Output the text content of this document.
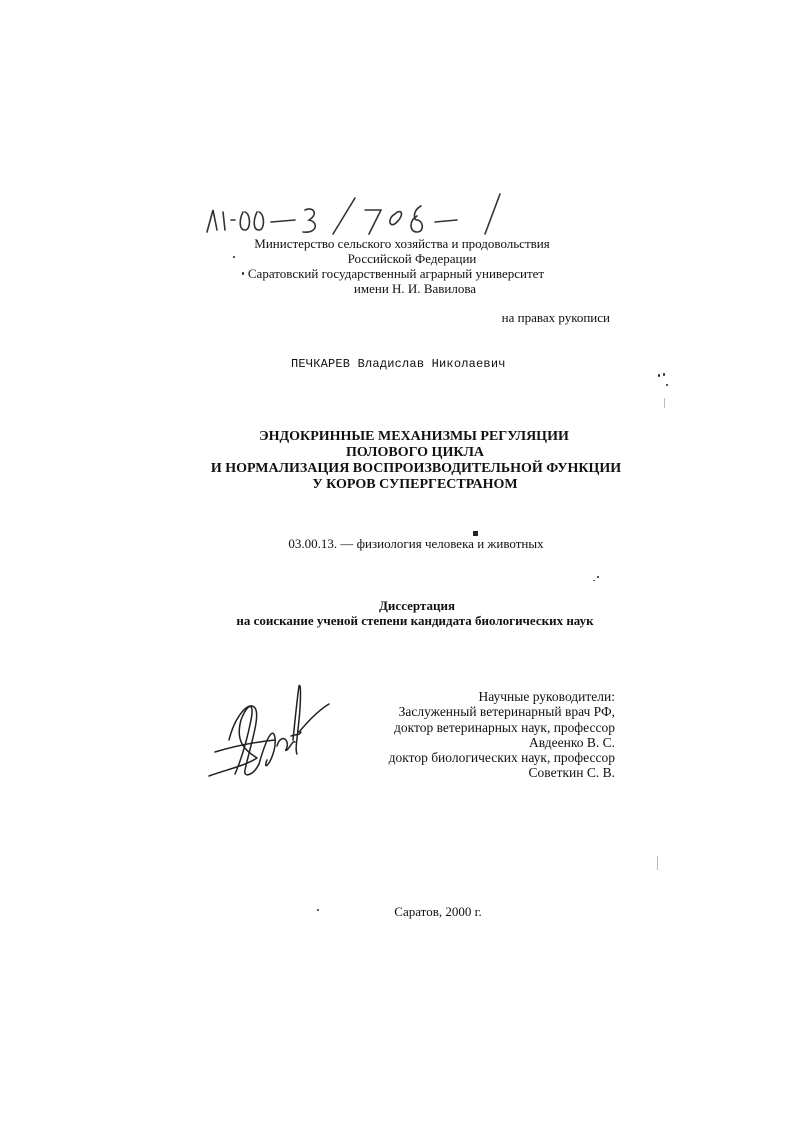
Министерство сельского хозяйства и продовольствия
Российской Федерации
Саратовский государственный аграрный университет
имени Н. И. Вавилова
на правах рукописи
ПЕЧКАРЕВ Владислав Николаевич
ЭНДОКРИННЫЕ МЕХАНИЗМЫ РЕГУЛЯЦИИ
ПОЛОВОГО ЦИКЛА
И НОРМАЛИЗАЦИЯ ВОСПРОИЗВОДИТЕЛЬНОЙ ФУНКЦИИ
У КОРОВ СУПЕРГЕСТРАНОМ
03.00.13. — физиология человека и животных
Диссертация
на соискание ученой степени кандидата биологических наук
Научные руководители:
Заслуженный ветеринарный врач РФ,
доктор ветеринарных наук, профессор
Авдеенко В. С.
доктор биологических наук, профессор
Советкин С. В.
Саратов, 2000 г.
